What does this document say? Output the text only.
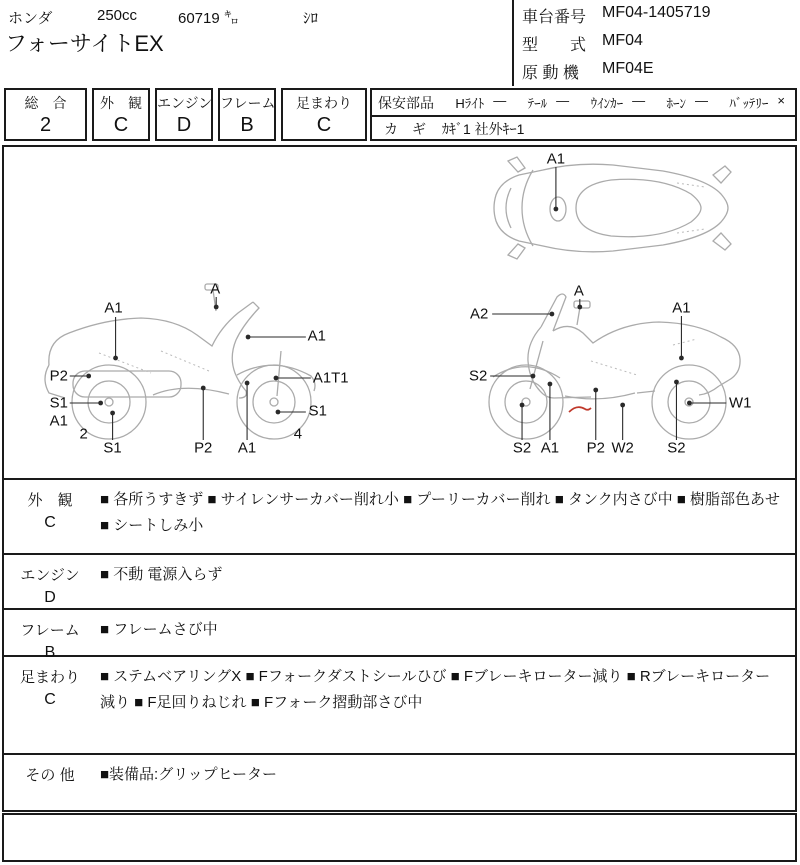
ホンダ	250cc	60719 ㌔	ｼﾛ
フォーサイトEX
車台番号 MF04-1405719
型　　式 MF04
原 動 機	MF04E
総　合
2
外　観
C
エンジン
D
フレーム
B
足まわり
C
保安部品 Hﾗｲﾄ ― ﾃｰﾙ ― ｳｲﾝｶｰ ― ﾎｰﾝ ― ﾊﾞｯﾃﾘｰ ×
カ　ギ ｶｷﾞ1 社外ｷｰ1
A1
A1
A
A1
P2
S1
A1
2
S1	P2 A1
A1T1
S1
4
A
A2	A1
S2
W1
S2 A1 P2 W2 S2
外　観
C
■ 各所うすきず ■ サイレンサーカバー削れ小 ■ プーリーカバー削れ ■ タンク内さび中 ■ 樹脂部色あせ ■ シートしみ小
エンジン
D
■ 不動 電源入らず
フレーム
B
■ フレームさび中
足まわり
C
■ ステムベアリングX ■ Fフォークダストシールひび ■ Fブレーキローター減り ■ Rブレーキローター減り ■ F足回りねじれ ■ Fフォーク摺動部さび中
その 他	■装備品:グリップヒーター
